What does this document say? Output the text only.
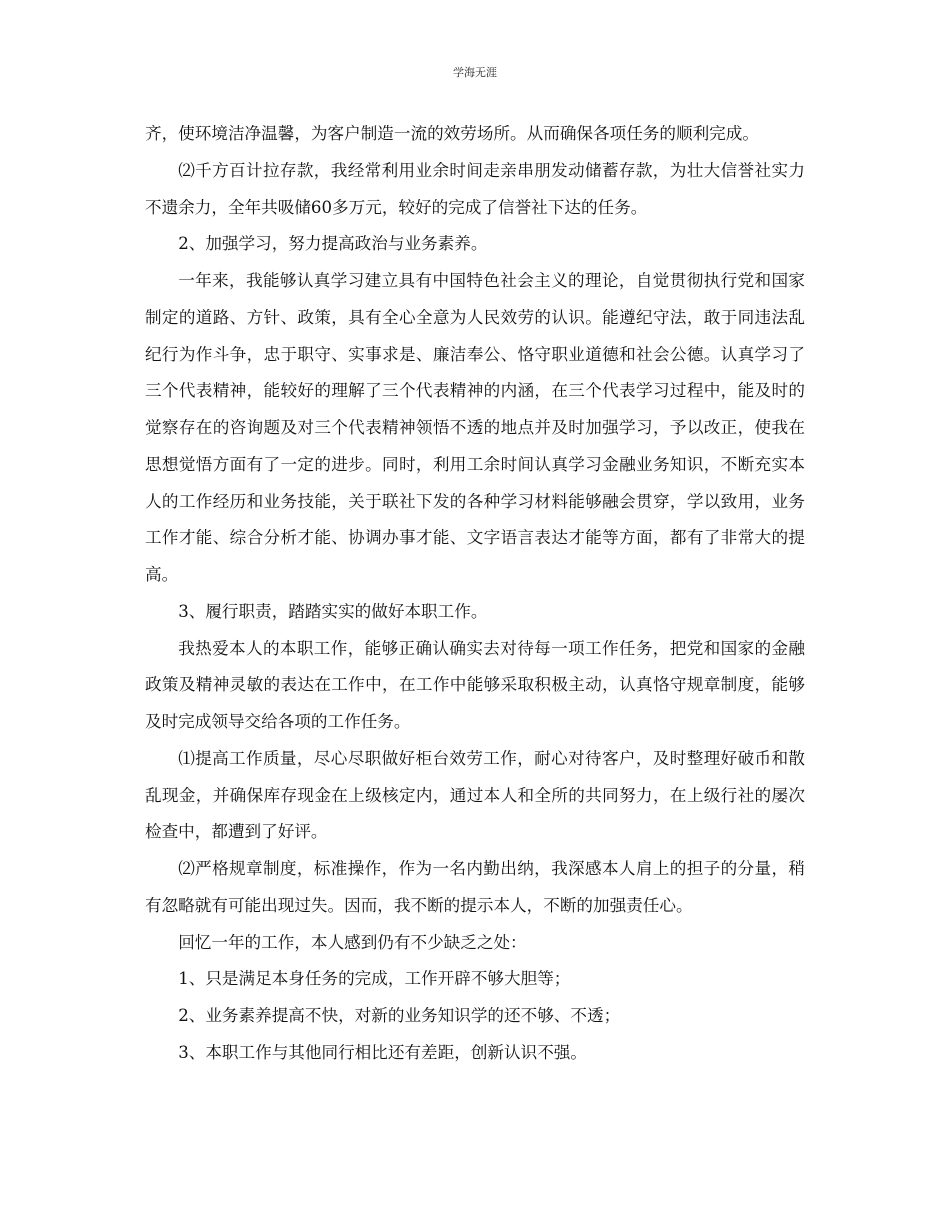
学海无涯

齐，使环境洁净温馨，为客户制造一流的效劳场所。从而确保各项任务的顺利完成。

⑵千方百计拉存款，我经常利用业余时间走亲串朋发动储蓄存款，为壮大信誉社实力不遗余力，全年共吸储60多万元，较好的完成了信誉社下达的任务。

2、加强学习，努力提高政治与业务素养。

一年来，我能够认真学习建立具有中国特色社会主义的理论，自觉贯彻执行党和国家制定的道路、方针、政策，具有全心全意为人民效劳的认识。能遵纪守法，敢于同违法乱纪行为作斗争，忠于职守、实事求是、廉洁奉公、恪守职业道德和社会公德。认真学习了三个代表精神，能较好的理解了三个代表精神的内涵，在三个代表学习过程中，能及时的觉察存在的咨询题及对三个代表精神领悟不透的地点并及时加强学习，予以改正，使我在思想觉悟方面有了一定的进步。同时，利用工余时间认真学习金融业务知识，不断充实本人的工作经历和业务技能，关于联社下发的各种学习材料能够融会贯穿，学以致用，业务工作才能、综合分析才能、协调办事才能、文字语言表达才能等方面，都有了非常大的提高。

3、履行职责，踏踏实实的做好本职工作。

我热爱本人的本职工作，能够正确认确实去对待每一项工作任务，把党和国家的金融政策及精神灵敏的表达在工作中，在工作中能够采取积极主动，认真恪守规章制度，能够及时完成领导交给各项的工作任务。

⑴提高工作质量，尽心尽职做好柜台效劳工作，耐心对待客户，及时整理好破币和散乱现金，并确保库存现金在上级核定内，通过本人和全所的共同努力，在上级行社的屡次检查中，都遭到了好评。

⑵严格规章制度，标准操作，作为一名内勤出纳，我深感本人肩上的担子的分量，稍有忽略就有可能出现过失。因而，我不断的提示本人，不断的加强责任心。

回忆一年的工作，本人感到仍有不少缺乏之处：

1、只是满足本身任务的完成，工作开辟不够大胆等；

2、业务素养提高不快，对新的业务知识学的还不够、不透；

3、本职工作与其他同行相比还有差距，创新认识不强。
